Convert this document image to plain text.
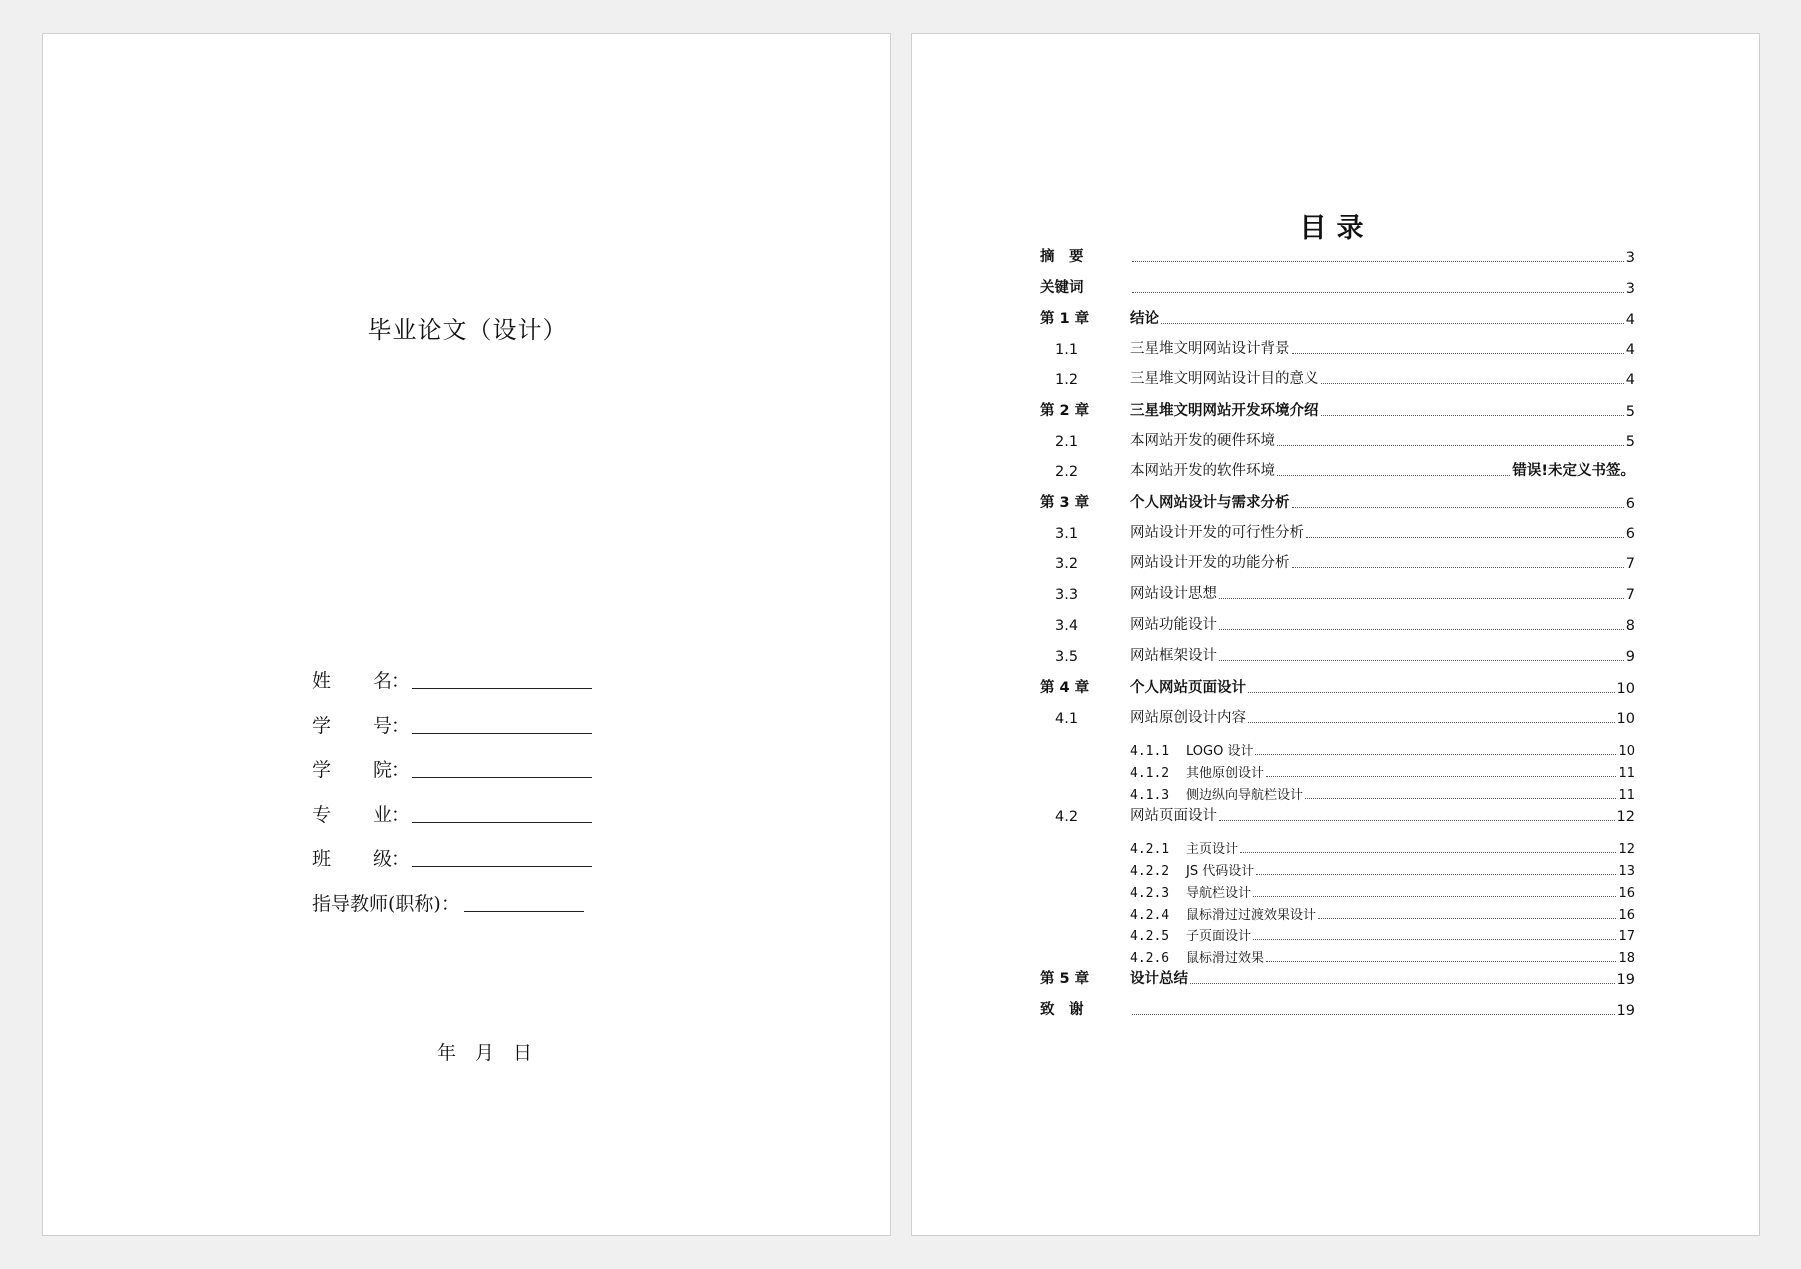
毕业论文（设计）
姓	名 ：
学	号 ：
学	院 ：
专	业 ：
班	级 ：
指导教师(职称)：
年 月 日
目录
摘　要	3
关键词	3
第 1 章	结论	4
1.1	三星堆文明网站设计背景	4
1.2	三星堆文明网站设计目的意义	4
第 2 章	三星堆文明网站开发环境介绍	5
2.1	本网站开发的硬件环境	5
2.2	本网站开发的软件环境	错误!未定义书签。
第 3 章	个人网站设计与需求分析	6
3.1	网站设计开发的可行性分析	6
3.2	网站设计开发的功能分析	7
3.3	网站设计思想	7
3.4	网站功能设计	8
3.5	网站框架设计	9
第 4 章	个人网站页面设计	10
4.1	网站原创设计内容	10
4.1.1	LOGO 设计	10
4.1.2	其他原创设计	11
4.1.3	侧边纵向导航栏设计	11
4.2	网站页面设计	12
4.2.1	主页设计	12
4.2.2	JS 代码设计	13
4.2.3	导航栏设计	16
4.2.4	鼠标滑过过渡效果设计	16
4.2.5	子页面设计	17
4.2.6	鼠标滑过效果	18
第 5 章	设计总结	19
致　谢	19
